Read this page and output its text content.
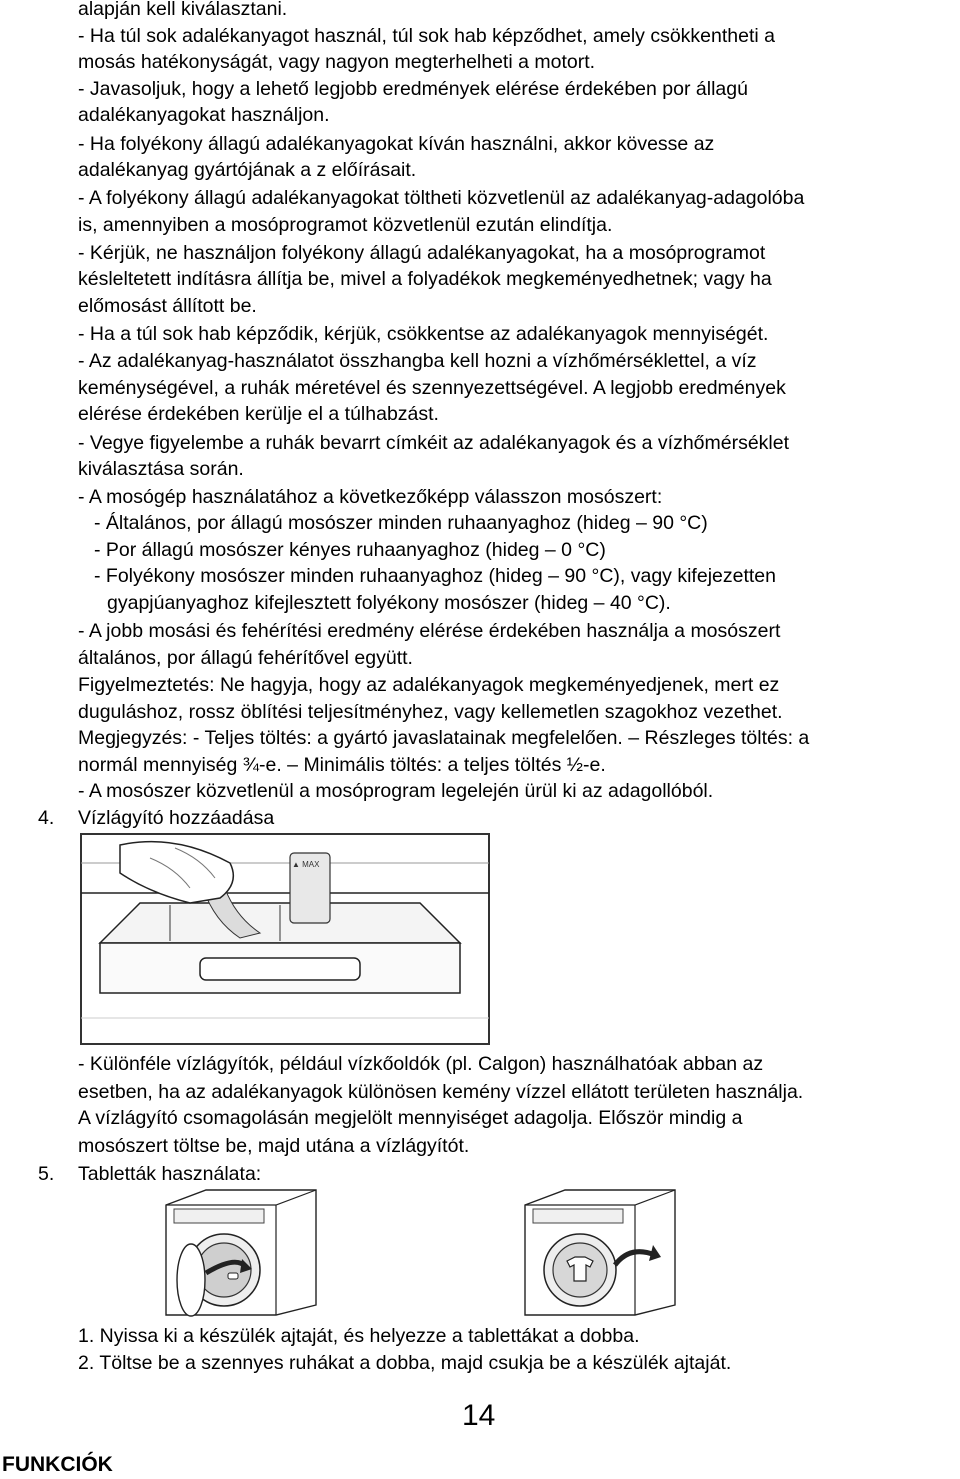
alapján kell kiválasztani.
- Ha túl sok adalékanyagot használ, túl sok hab képződhet, amely csökkentheti a
mosás hatékonyságát, vagy nagyon megterhelheti a motort.
- Javasoljuk, hogy a lehető legjobb eredmények elérése érdekében por állagú
adalékanyagokat használjon.
- Ha folyékony állagú adalékanyagokat kíván használni, akkor kövesse az
adalékanyag gyártójának a z előírásait.
- A folyékony állagú adalékanyagokat töltheti közvetlenül az adalékanyag-adagolóba
is, amennyiben a mosóprogramot közvetlenül ezután elindítja.
- Kérjük, ne használjon folyékony állagú adalékanyagokat, ha a mosóprogramot
késleltetett indításra állítja be, mivel a folyadékok megkeményedhetnek; vagy ha
előmosást állított be.
- Ha a túl sok hab képződik, kérjük, csökkentse az adalékanyagok mennyiségét.
- Az adalékanyag-használatot összhangba kell hozni a vízhőmérséklettel, a víz
keménységével, a ruhák méretével és szennyezettségével. A legjobb eredmények
elérése érdekében kerülje el a túlhabzást.
- Vegye figyelembe a ruhák bevarrt címkéit az adalékanyagok és a vízhőmérséklet
kiválasztása során.
- A mosógép használatához a következőképp válasszon mosószert:
- Általános, por állagú mosószer minden ruhaanyaghoz (hideg – 90 °C)
- Por állagú mosószer kényes ruhaanyaghoz (hideg – 0 °C)
- Folyékony mosószer minden ruhaanyaghoz (hideg – 90 °C), vagy kifejezetten
gyapjúanyaghoz kifejlesztett folyékony mosószer (hideg – 40 °C).
- A jobb mosási és fehérítési eredmény elérése érdekében használja a mosószert
általános, por állagú fehérítővel együtt.
Figyelmeztetés: Ne hagyja, hogy az adalékanyagok megkeményedjenek, mert ez
duguláshoz, rossz öblítési teljesítményhez, vagy kellemetlen szagokhoz vezethet.
Megjegyzés: - Teljes töltés: a gyártó javaslatainak megfelelően. – Részleges töltés: a
normál mennyiség ¾-e. – Minimális töltés: a teljes töltés ½-e.
- A mosószer közvetlenül a mosóprogram legelején ürül ki az adagollóból.
4. Vízlágyító hozzáadása
▲ MAX
- Különféle vízlágyítók, például vízkőoldók (pl. Calgon) használhatóak abban az
esetben, ha az adalékanyagok különösen kemény vízzel ellátott területen használja.
A vízlágyító csomagolásán megjelölt mennyiséget adagolja. Először mindig a
mosószert töltse be, majd utána a vízlágyítót.
5. Tabletták használata:
1. Nyissa ki a készülék ajtaját, és helyezze a tablettákat a dobba.
2. Töltse be a szennyes ruhákat a dobba, majd csukja be a készülék ajtaját.
14
FUNKCIÓK
